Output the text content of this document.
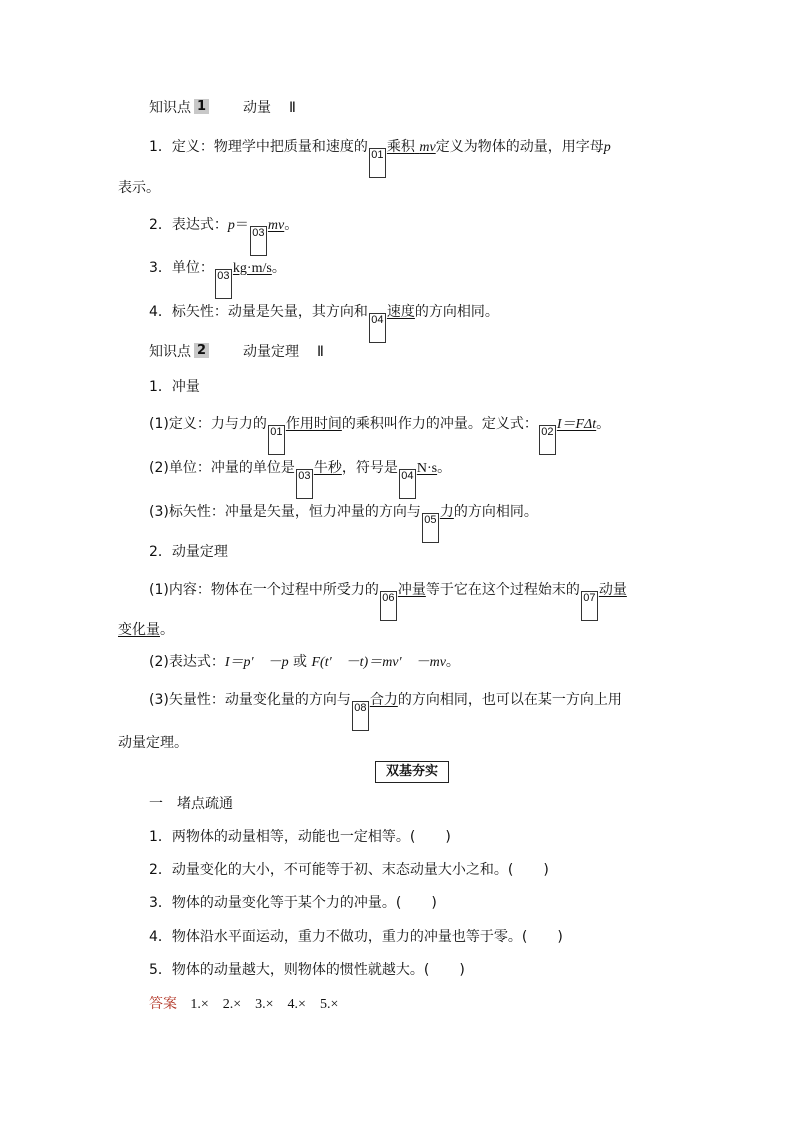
知识点 1	动量 Ⅱ
1．定义：物理学中把质量和速度的 01 乘积 mv定义为物体的动量，用字母p
表示。
2．表达式：p＝ 03 mv。
3．单位： 03 kg·m/s。
4．标矢性：动量是矢量，其方向和 04 速度的方向相同。
知识点 2	动量定理 Ⅱ
1．冲量
(1)定义：力与力的 01 作用时间的乘积叫作力的冲量。定义式： 02 I＝FΔt。
(2)单位：冲量的单位是 03 牛秒，符号是 04 N·s。
(3)标矢性：冲量是矢量，恒力冲量的方向与 05 力的方向相同。
2．动量定理
(1)内容：物体在一个过程中所受力的 06 冲量等于它在这个过程始末的 07 动量
变化量。
(2)表达式：I＝p′　－p 或 F(t′　－t)＝mv′　－mv。
(3)矢量性：动量变化量的方向与 08 合力的方向相同，也可以在某一方向上用
动量定理。
双基夯实
一　堵点疏通
1．两物体的动量相等，动能也一定相等。( )
2．动量变化的大小，不可能等于初、末态动量大小之和。( )
3．物体的动量变化等于某个力的冲量。( )
4．物体沿水平面运动，重力不做功，重力的冲量也等于零。( )
5．物体的动量越大，则物体的惯性就越大。( )
答案 1.×　2.×　3.×　4.×　5.×
